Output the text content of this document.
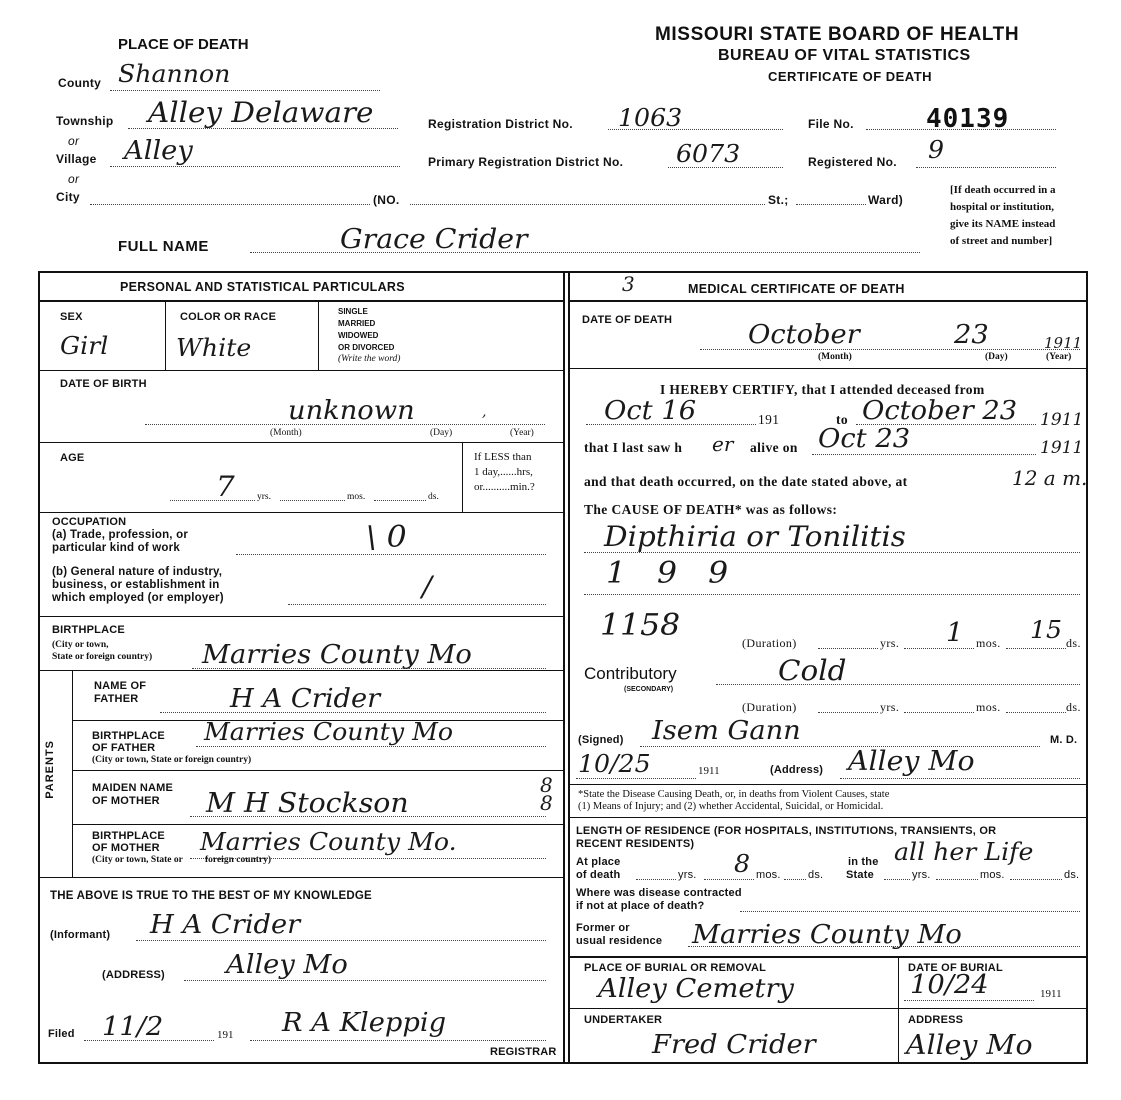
PLACE OF DEATH	MISSOURI STATE BOARD OF HEALTH
BUREAU OF VITAL STATISTICS
CERTIFICATE OF DEATH
County Shannon
Township Alley Delaware
or
Village Alley
or
City	(NO.	St.;	Ward)
[If death occurred in a
hospital or institution,
give its NAME instead
of street and number]
Registration District No. 1063
Primary Registration District No. 6073
File No.	40139
Registered No. 9
FULL NAME	Grace Crider
PERSONAL AND STATISTICAL PARTICULARS
SEX
Girl
COLOR OR RACE
White
SINGLE
MARRIED
WIDOWED
OR DIVORCED
(Write the word)
DATE OF BIRTH
unknown	,
(Month)	(Day)	(Year)
AGE
7 yrs.	mos.	ds.
If LESS than
1 day,......hrs,
or..........min.?
OCCUPATION
(a) Trade, profession, or
particular kind of work	\ 0
(b) General nature of industry,
business, or establishment in
which employed (or employer)	/
BIRTHPLACE
(City or town,
State or foreign country) Marries County Mo
PARENTS
NAME OF
FATHER	H A Crider
BIRTHPLACE
OF FATHER
(City or town, State or foreign country)
Marries County Mo
MAIDEN NAME
OF MOTHER M H Stockson
8
8
BIRTHPLACE
OF MOTHER
(City or town, State or foreign country)
Marries County Mo.
THE ABOVE IS TRUE TO THE BEST OF MY KNOWLEDGE
(Informant) H A Crider
(ADDRESS) Alley Mo
Filed 11/2	191 R A Kleppig
REGISTRAR
3	MEDICAL CERTIFICATE OF DEATH
DATE OF DEATH	October	23	1911
(Month)	(Day)	(Year)
I HEREBY CERTIFY, that I attended deceased from
Oct 16	191	to October 23 1911
that I last saw h er alive on Oct 23	1911
and that death occurred, on the date stated above, at	12 a m.
The CAUSE OF DEATH* was as follows:
Dipthiria or Tonilitis
1 9 9
1158	(Duration)	yrs. 1 mos. 15 ds.
Contributory
(SECONDARY)
Cold
(Duration)	yrs.	mos.	ds.
(Signed) Isem Gann	M. D.
10/25	1911	(Address) Alley Mo
*State the Disease Causing Death, or, in deaths from Violent Causes, state
(1) Means of Injury; and (2) whether Accidental, Suicidal, or Homicidal.
LENGTH OF RESIDENCE (FOR HOSPITALS, INSTITUTIONS, TRANSIENTS, OR
RECENT RESIDENTS)
At place
of death	yrs. 8 mos. ds.
in the
State
all her Life
yrs.	mos.	ds.
Where was disease contracted
if not at place of death?
Former or
usual residence Marries County Mo
PLACE OF BURIAL OR REMOVAL
Alley Cemetry
DATE OF BURIAL
10/24	1911
UNDERTAKER
Fred Crider
ADDRESS
Alley Mo
